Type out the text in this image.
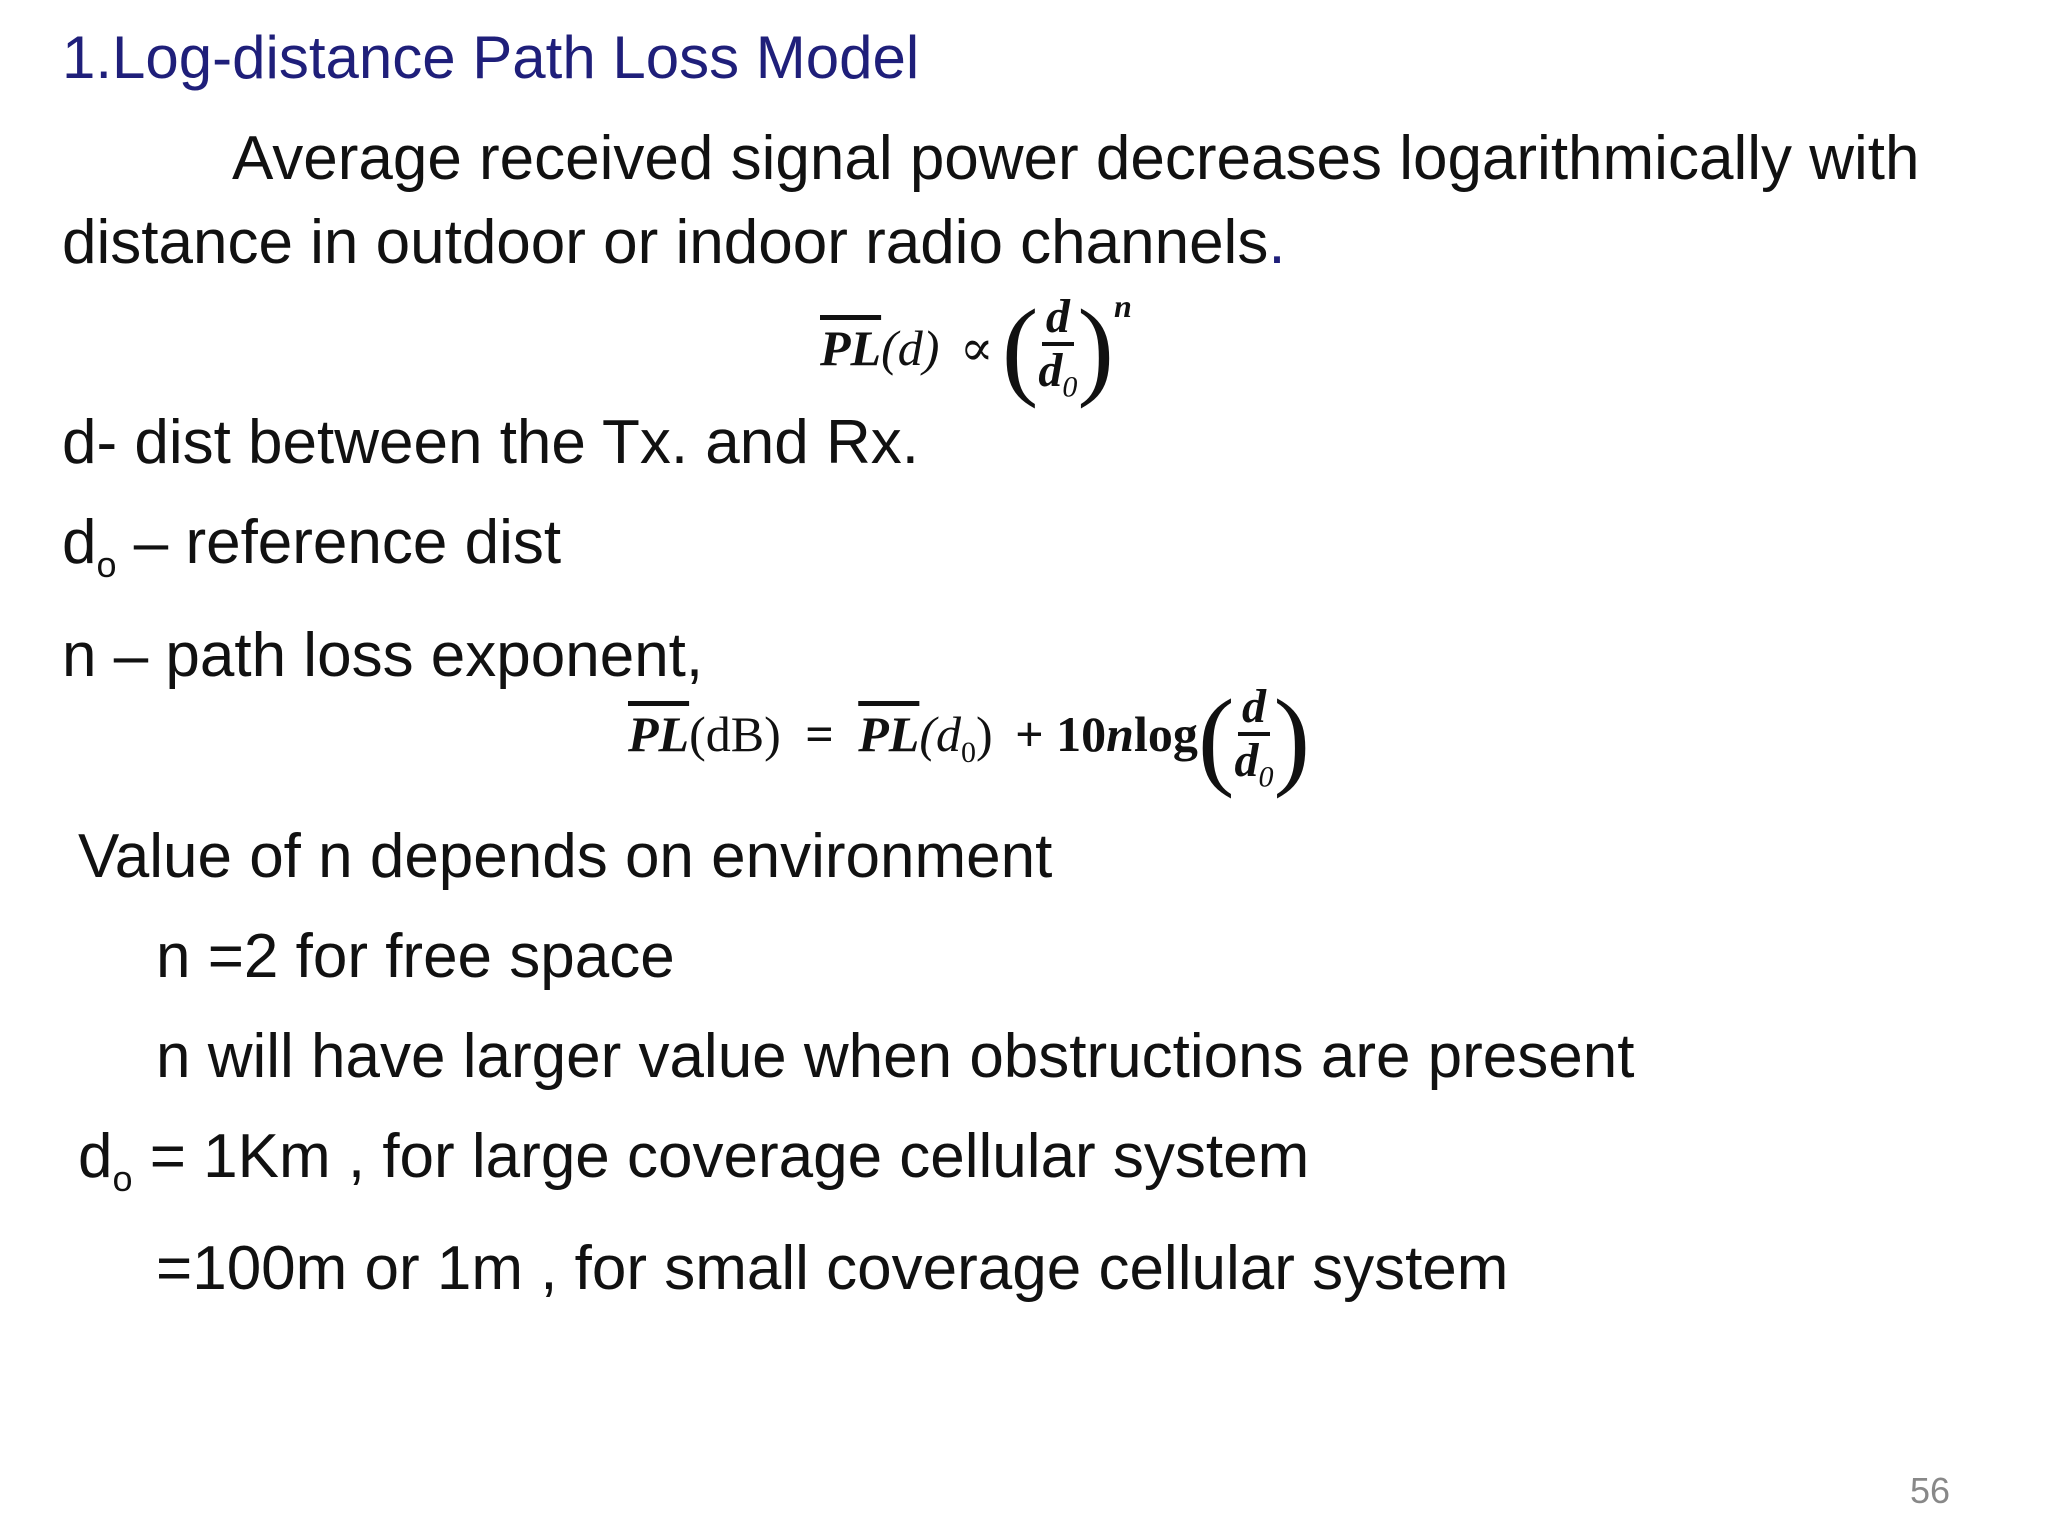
1.Log-distance Path Loss Model
Average received signal power decreases logarithmically with
distance in outdoor or indoor radio channels.
$\overline{PL}(d)$ ∝( $\frac{d}{d_0} )^n$
d- dist between the Tx. and Rx.
$d_o$ – reference dist
n – path loss exponent,
$\overline{PL}(dB) = \overline{PL}(d_0) + 10nlog( \frac{d}{d_0}$ )
Value of n depends on environment
n =2 for free space
n will have larger value when obstructions are present
$d_o = 1Km$ , for large coverage cellular system
=100m or 1m , for small coverage cellular system
56
